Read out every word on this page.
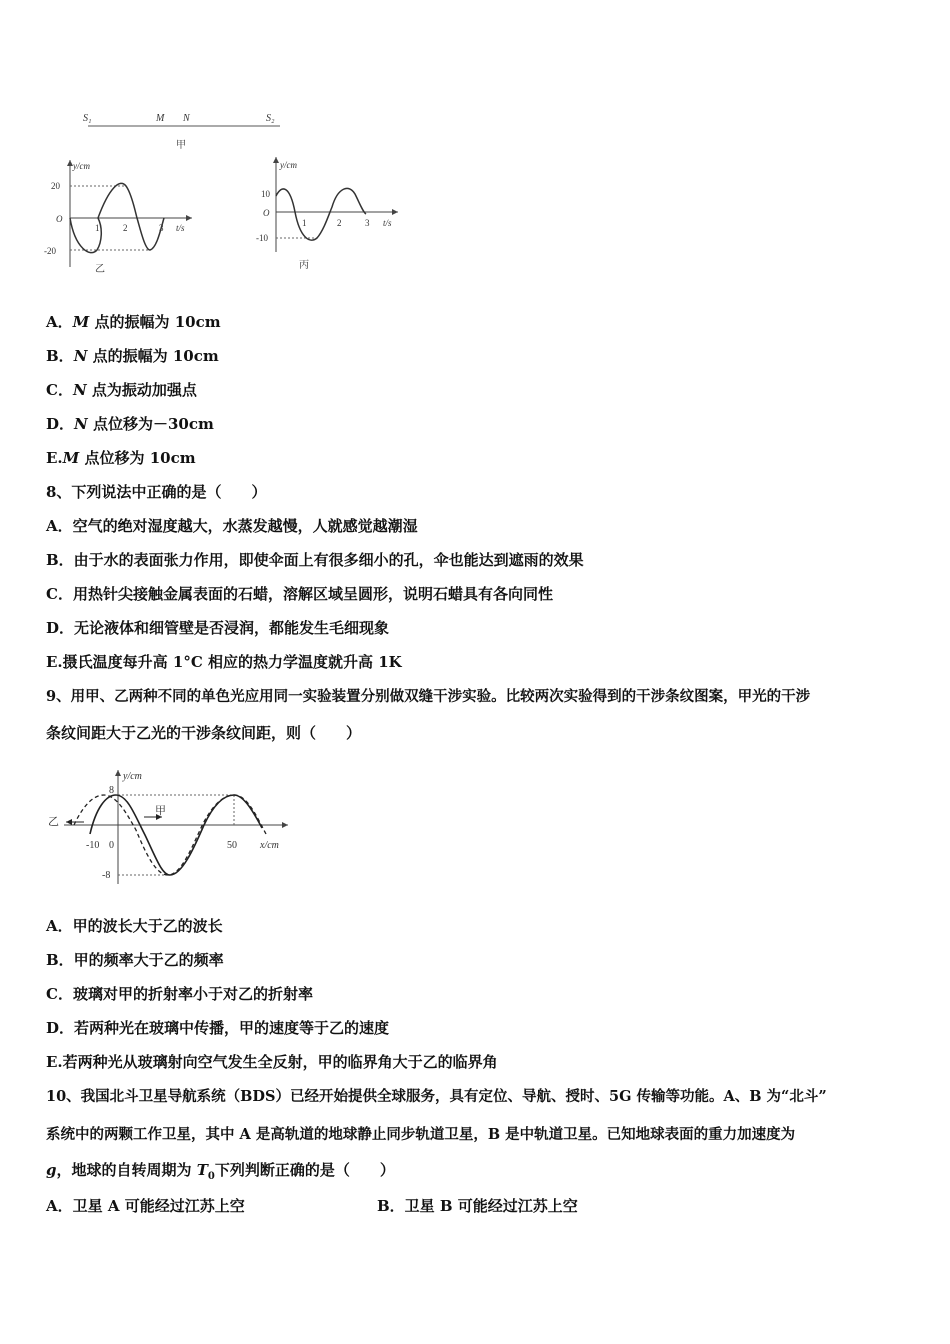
S₁	M N	S₂
甲
y/cm
20
-20
O
1	2	3 t/s
乙
y/cm
10
-10
O
1	2	3 t/s
丙
A．M 点的振幅为 10cm
B．N 点的振幅为 10cm
C．N 点为振动加强点
D．N 点位移为－30cm
E.M 点位移为 10cm
8、下列说法中正确的是（　　）
A．空气的绝对湿度越大，水蒸发越慢，人就感觉越潮湿
B．由于水的表面张力作用，即使伞面上有很多细小的孔，伞也能达到遮雨的效果
C．用热针尖接触金属表面的石蜡，溶解区域呈圆形，说明石蜡具有各向同性
D．无论液体和细管壁是否浸润，都能发生毛细现象
E.摄氏温度每升高 1°C 相应的热力学温度就升高 1K
9、用甲、乙两种不同的单色光应用同一实验装置分别做双缝干涉实验。比较两次实验得到的干涉条纹图案，甲光的干涉
条纹间距大于乙光的干涉条纹间距，则（　　）
甲
乙
y/cm
8
-8
-10 0	50 x/cm
A．甲的波长大于乙的波长
B．甲的频率大于乙的频率
C．玻璃对甲的折射率小于对乙的折射率
D．若两种光在玻璃中传播，甲的速度等于乙的速度
E.若两种光从玻璃射向空气发生全反射，甲的临界角大于乙的临界角
10、我国北斗卫星导航系统（BDS）已经开始提供全球服务，具有定位、导航、授时、5G 传输等功能。A、B 为“北斗”
系统中的两颗工作卫星，其中 A 是高轨道的地球静止同步轨道卫星，B 是中轨道卫星。已知地球表面的重力加速度为
g，地球的自转周期为 $T_0$下列判断正确的是（　　）
A．卫星 A 可能经过江苏上空	B．卫星 B 可能经过江苏上空
